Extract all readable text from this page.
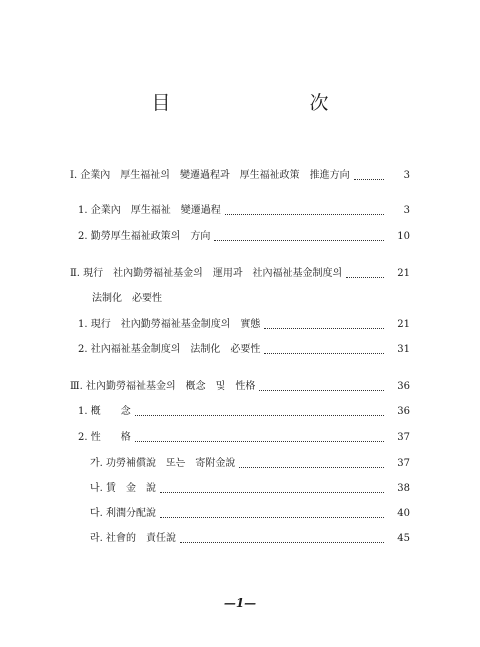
目　次
Ⅰ. 企業內　厚生福祉의　變遷過程과　厚生福祉政策　推進方向	3
1. 企業內　厚生福祉　變遷過程	3
2. 勤勞厚生福祉政策의　方向	10
Ⅱ. 現行　社內勤勞福祉基金의　運用과　社內福祉基金制度의	21
法制化　必要性
1. 現行　社內勤勞福祉基金制度의　實態	21
2. 社內福祉基金制度의　法制化　必要性	31
Ⅲ. 社內勤勞福祉基金의　槪念　및　性格	36
1. 槪　　念	36
2. 性　　格	37
가. 功勞補償說　또는　寄附金說	37
나. 賃　金　說	38
다. 利潤分配說	40
라. 社會的　責任說	45
—1—
